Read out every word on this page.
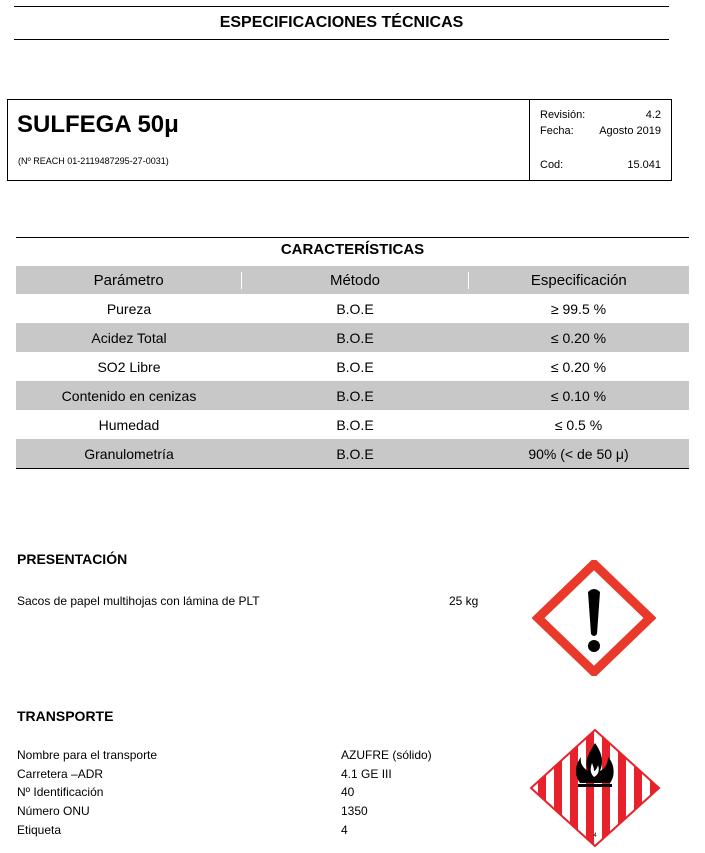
ESPECIFICACIONES TÉCNICAS
SULFEGA 50μ
(Nº REACH 01-2119487295-27-0031)
Revisión:	4.2
Fecha: Agosto 2019
Cod:	15.041
CARACTERÍSTICAS
Parámetro	Método	Especificación
Pureza	B.O.E	≥ 99.5 %
Acidez Total	B.O.E	≤ 0.20 %
SO2 Libre	B.O.E	≤ 0.20 %
Contenido en cenizas	B.O.E	≤ 0.10 %
Humedad	B.O.E	≤ 0.5 %
Granulometría	B.O.E	90% (< de 50 μ)
PRESENTACIÓN
Sacos de papel multihojas con lámina de PLT	25 kg
TRANSPORTE
Nombre para el transporte	AZUFRE (sólido)
Carretera –ADR	4.1 GE III
Nº Identificación	40
Número ONU	1350
Etiqueta	4	4
